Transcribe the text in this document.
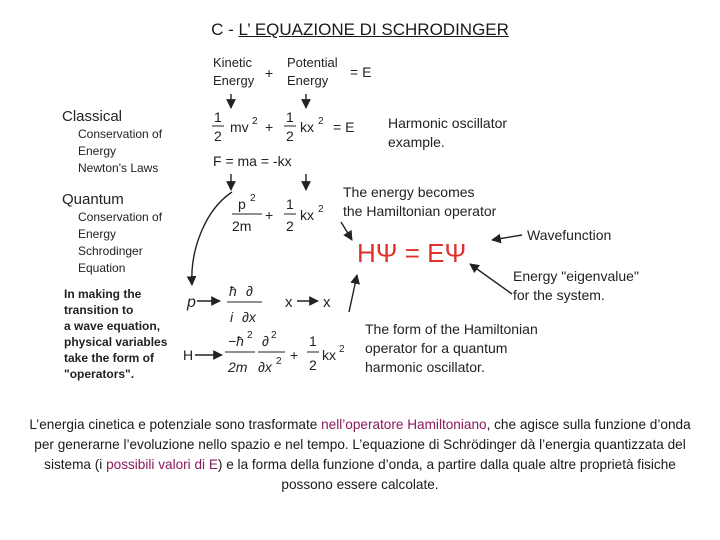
C - L’ EQUAZIONE DI SCHRODINGER
Kinetic
Energy +
Potential
Energy
= E
Classical
Conservation of
Energy
Newton's Laws
1
2
mv 2 +
1
2
kx 2 = E
F = ma = -kx
Harmonic oscillator
example.
Quantum
Conservation of
Energy
Schrodinger
Equation
In making the
transition to
a wave equation,
physical variables
take the form of
"operators".
p 2
2m
+
1
2
kx 2
The energy becomes
the Hamiltonian operator
HΨ = EΨ
Wavefunction
Energy "eigenvalue"
for the system.
p
ħ ∂
i ∂x
x x
H
−ħ 2
2m
∂ 2
∂x 2 +
1
2
kx 2
The form of the Hamiltonian
operator for a quantum
harmonic oscillator.
L’energia cinetica e potenziale sono trasformate nell’operatore Hamiltoniano, che agisce sulla funzione d’onda per generarne l’evoluzione nello spazio e nel tempo. L’equazione di Schrödinger dà l’energia quantizzata del sistema (i possibili valori di E) e la forma della funzione d’onda, a partire dalla quale altre proprietà fisiche possono essere calcolate.
